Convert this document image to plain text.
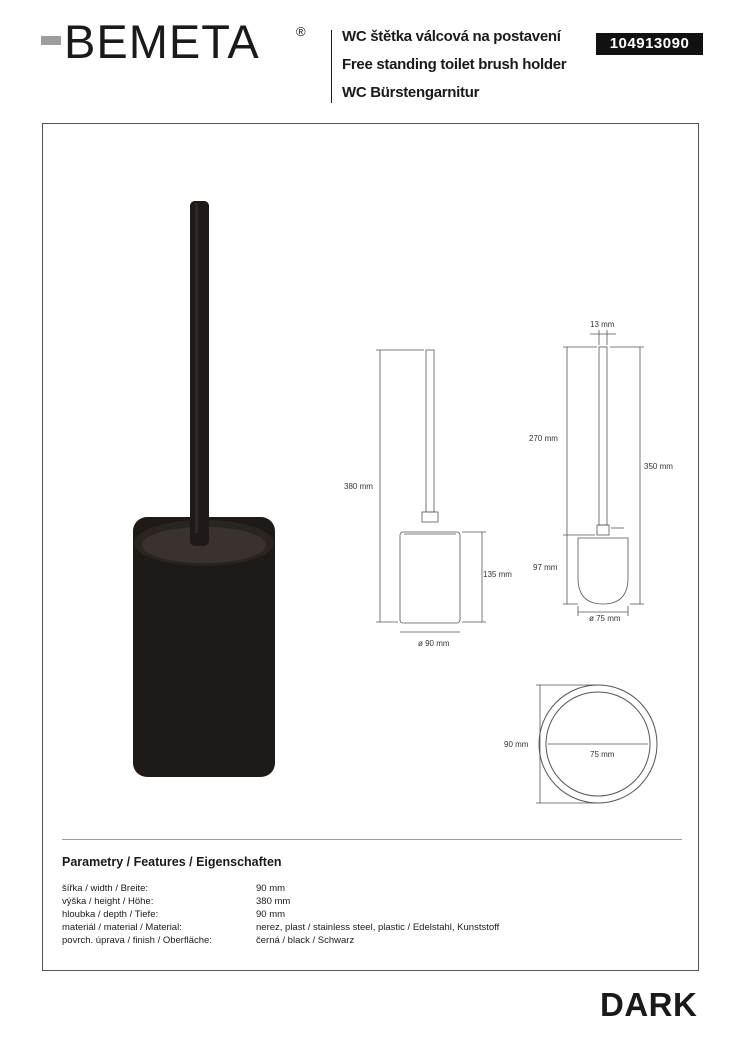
BEMETA	® WC štětka válcová na postavení
Free standing toilet brush holder
WC Bürstengarnitur
104913090
380 mm
135 mm
ø 90 mm
13 mm
270 mm
350 mm
97 mm
ø 75 mm
90 mm
75 mm
Parametry / Features / Eigenschaften
šířka / width / Breite:	90 mm
výška / height / Höhe:	380 mm
hloubka / depth / Tiefe:	90 mm
materiál / material / Material:	nerez, plast / stainless steel, plastic / Edelstahl, Kunststoff
povrch. úprava / finish / Oberfläche:	černá / black / Schwarz
DARK
